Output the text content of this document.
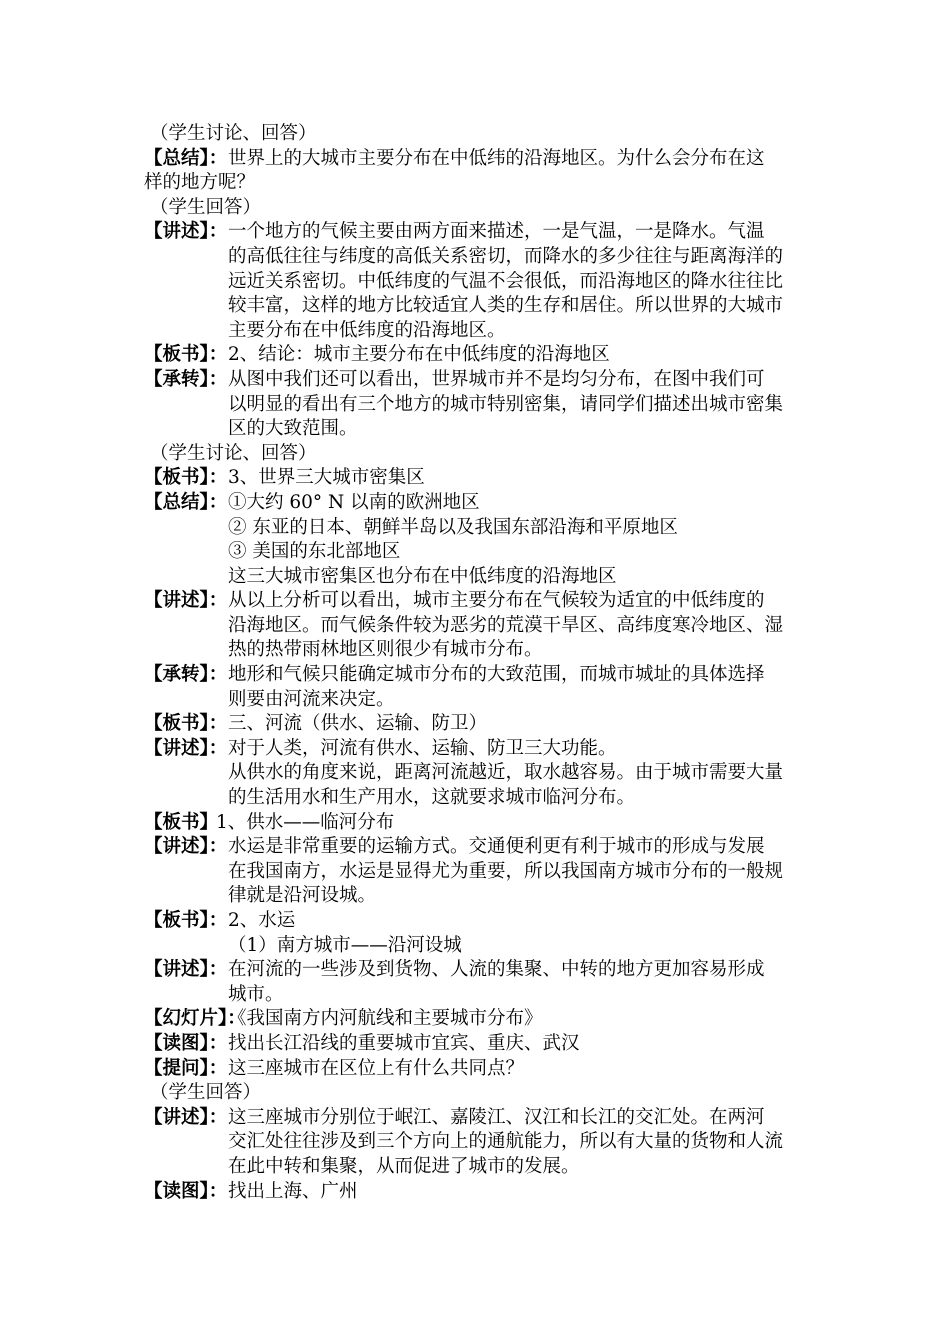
（学生讨论、回答）
【总结】： 世界上的大城市主要分布在中低纬的沿海地区。为什么会分布在这
样的地方呢？
（学生回答）
【讲述】： 一个地方的气候主要由两方面来描述，一是气温，一是降水。气温
的高低往往与纬度的高低关系密切，而降水的多少往往与距离海洋的
远近关系密切。中低纬度的气温不会很低，而沿海地区的降水往往比
较丰富，这样的地方比较适宜人类的生存和居住。所以世界的大城市
主要分布在中低纬度的沿海地区。
【板书】： 2、结论：城市主要分布在中低纬度的沿海地区
【承转】： 从图中我们还可以看出，世界城市并不是均匀分布，在图中我们可
以明显的看出有三个地方的城市特别密集，请同学们描述出城市密集
区的大致范围。
（学生讨论、回答）
【板书】： 3、世界三大城市密集区
【总结】： ①大约 60° N 以南的欧洲地区
② 东亚的日本、朝鲜半岛以及我国东部沿海和平原地区
③ 美国的东北部地区
这三大城市密集区也分布在中低纬度的沿海地区
【讲述】： 从以上分析可以看出，城市主要分布在气候较为适宜的中低纬度的
沿海地区。而气候条件较为恶劣的荒漠干旱区、高纬度寒冷地区、湿
热的热带雨林地区则很少有城市分布。
【承转】： 地形和气候只能确定城市分布的大致范围，而城市城址的具体选择
则要由河流来决定。
【板书】： 三、河流（供水、运输、防卫）
【讲述】： 对于人类，河流有供水、运输、防卫三大功能。
从供水的角度来说，距离河流越近，取水越容易。由于城市需要大量
的生活用水和生产用水，这就要求城市临河分布。
【板书】
1、供水——临河分布
【讲述】： 水运是非常重要的运输方式。交通便利更有利于城市的形成与发展
在我国南方，水运是显得尤为重要，所以我国南方城市分布的一般规
律就是沿河设城。
【板书】： 2、水运
（1）南方城市——沿河设城
【讲述】： 在河流的一些涉及到货物、人流的集聚、中转的地方更加容易形成
城市。
【幻灯片】：
《我国南方内河航线和主要城市分布》
【读图】： 找出长江沿线的重要城市宜宾、重庆、武汉
【提问】： 这三座城市在区位上有什么共同点？
（学生回答）
【讲述】： 这三座城市分别位于岷江、嘉陵江、汉江和长江的交汇处。在两河
交汇处往往涉及到三个方向上的通航能力，所以有大量的货物和人流
在此中转和集聚，从而促进了城市的发展。
【读图】： 找出上海、广州
